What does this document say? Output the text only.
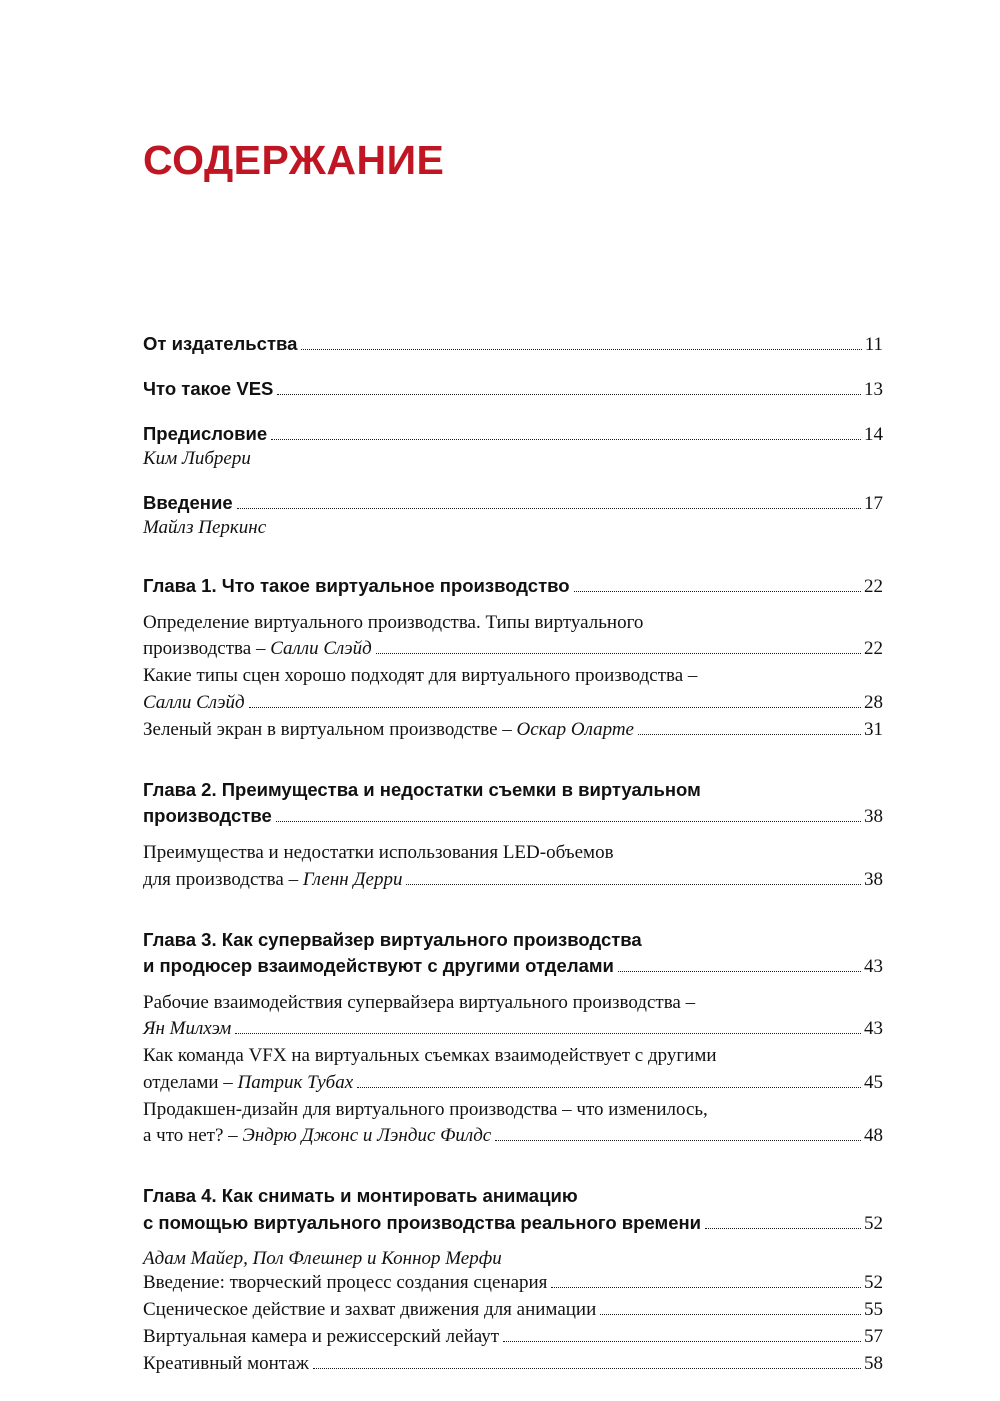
СОДЕРЖАНИЕ
От издательства	11
Что такое VES	13
Предисловие	14
Ким Либрери
Введение	17
Майлз Перкинс
Глава 1. Что такое виртуальное производство	22
Определение виртуального производства. Типы виртуального
производства – Салли Слэйд	22
Какие типы сцен хорошо подходят для виртуального производства –
Салли Слэйд	28
Зеленый экран в виртуальном производстве – Оскар Оларте	31
Глава 2. Преимущества и недостатки съемки в виртуальном
производстве	38
Преимущества и недостатки использования LED-объемов
для производства – Гленн Дерри	38
Глава 3. Как супервайзер виртуального производства
и продюсер взаимодействуют с другими отделами	43
Рабочие взаимодействия супервайзера виртуального производства –
Ян Милхэм	43
Как команда VFX на виртуальных съемках взаимодействует с другими
отделами – Патрик Тубах	45
Продакшен-дизайн для виртуального производства – что изменилось,
а что нет? – Эндрю Джонс и Лэндис Филдс	48
Глава 4. Как снимать и монтировать анимацию
с помощью виртуального производства реального времени	52
Адам Майер, Пол Флешнер и Коннор Мерфи
Введение: творческий процесс создания сценария	52
Сценическое действие и захват движения для анимации	55
Виртуальная камера и режиссерский лейаут	57
Креативный монтаж	58
